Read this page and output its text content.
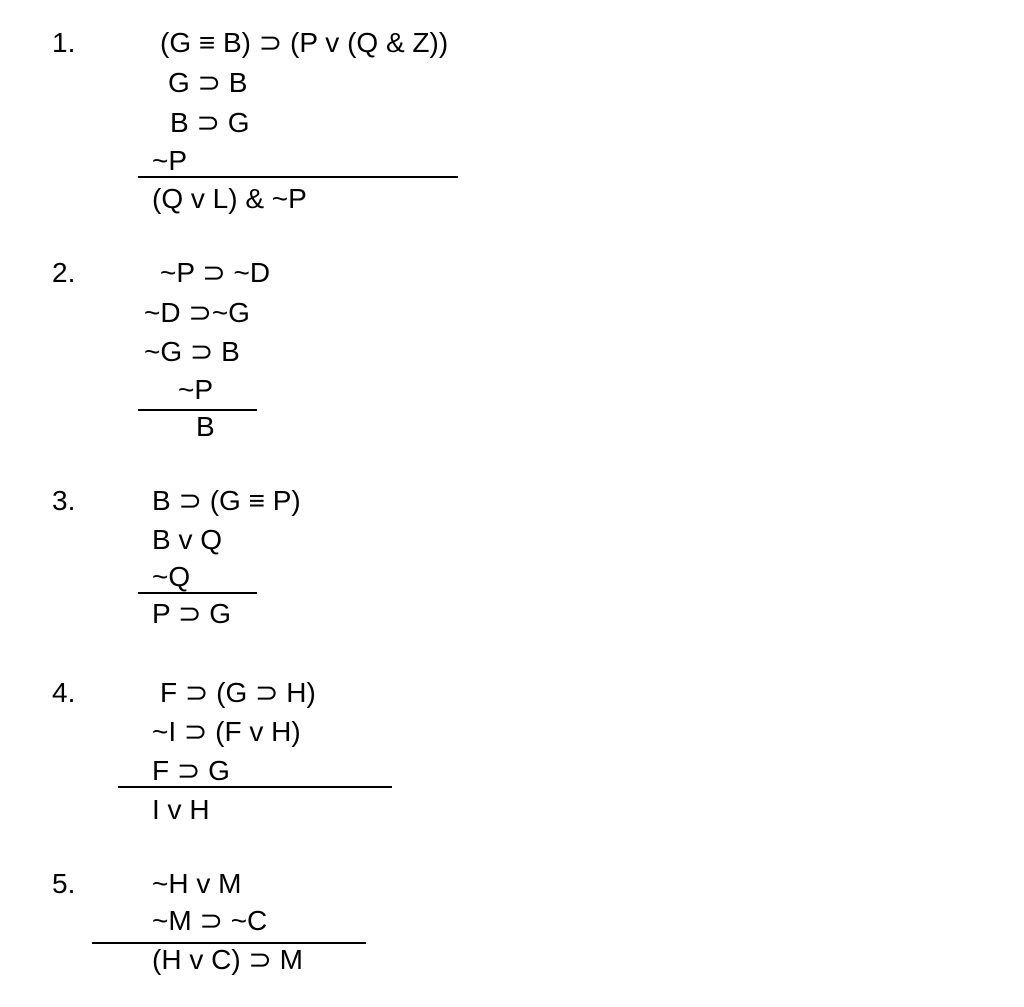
1.	(G ≡ B) ⊃ (P v (Q & Z))
G ⊃ B
B ⊃ G
~P
(Q v L) & ~P
2.	~P ⊃ ~D
~D ⊃~G
~G ⊃ B
~P
B
3.	B ⊃ (G ≡ P)
B v Q
~Q
P ⊃ G
4.	F ⊃ (G ⊃ H)
~I ⊃ (F v H)
F ⊃ G
I v H
5.	~H v M
~M ⊃ ~C
(H v C) ⊃ M
